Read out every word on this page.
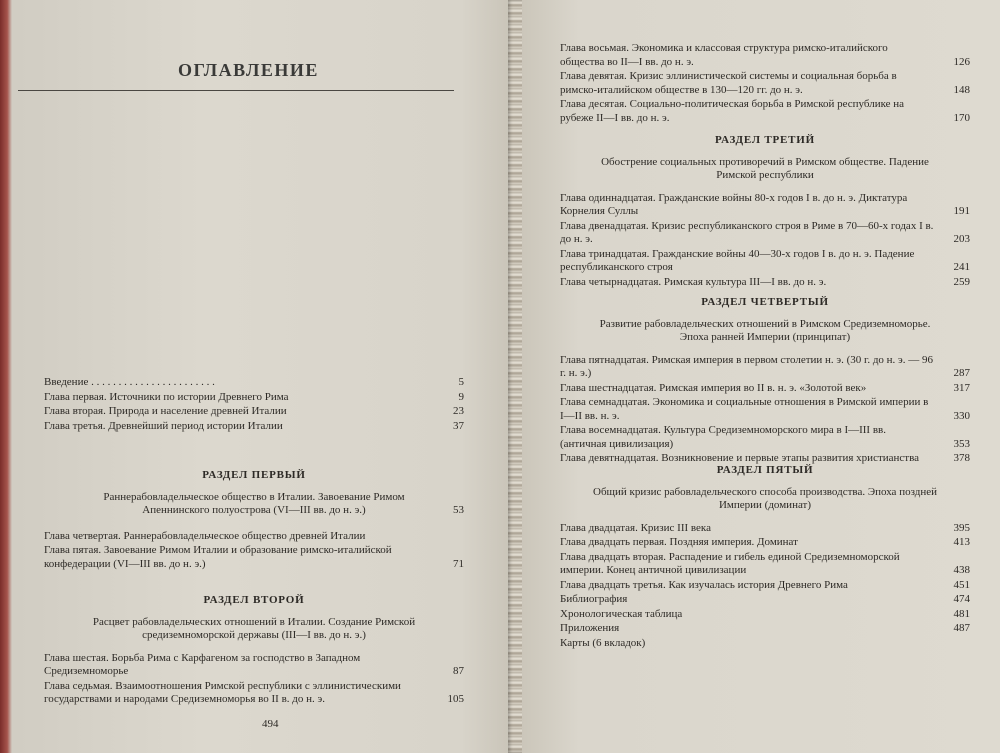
ОГЛАВЛЕНИЕ
Введение . . . . . . . . . . . . . . . . . . . . . . .	5
Глава первая. Источники по истории Древнего Рима	9
Глава вторая. Природа и население древней Италии	23
Глава третья. Древнейший период истории Италии	37
РАЗДЕЛ ПЕРВЫЙ
Раннерабовладельческое общество в Италии. Завоевание Римом Апеннинского полуострова (VI—III вв. до н. э.)	53
Глава четвертая. Раннерабовладельческое общество древней Италии
Глава пятая. Завоевание Римом Италии и образование римско-италийской конфедерации (VI—III вв. до н. э.)	71
РАЗДЕЛ ВТОРОЙ
Расцвет рабовладельческих отношений в Италии. Создание Римской средиземноморской державы (III—I вв. до н. э.)
Глава шестая. Борьба Рима с Карфагеном за господство в Западном Средиземноморье	87
Глава седьмая. Взаимоотношения Римской республики с эллинистическими государствами и народами Средиземноморья во II в. до н. э.	105
494
Глава восьмая. Экономика и классовая структура римско-италийского общества во II—I вв. до н. э.	126
Глава девятая. Кризис эллинистической системы и социальная борьба в римско-италийском обществе в 130—120 гг. до н. э.	148
Глава десятая. Социально-политическая борьба в Римской республике на рубеже II—I вв. до н. э.	170
РАЗДЕЛ ТРЕТИЙ
Обострение социальных противоречий в Римском обществе. Падение Римской республики
Глава одиннадцатая. Гражданские войны 80-х годов I в. до н. э. Диктатура Корнелия Суллы	191
Глава двенадцатая. Кризис республиканского строя в Риме в 70—60-х годах I в. до н. э.	203
Глава тринадцатая. Гражданские войны 40—30-х годов I в. до н. э. Падение республиканского строя	241
Глава четырнадцатая. Римская культура III—I вв. до н. э.	259
РАЗДЕЛ ЧЕТВЕРТЫЙ
Развитие рабовладельческих отношений в Римском Средиземноморье. Эпоха ранней Империи (принципат)
Глава пятнадцатая. Римская империя в первом столетии н. э. (30 г. до н. э. — 96 г. н. э.)	287
Глава шестнадцатая. Римская империя во II в. н. э. «Золотой век»	317
Глава семнадцатая. Экономика и социальные отношения в Римской империи в I—II вв. н. э.	330
Глава восемнадцатая. Культура Средиземноморского мира в I—III вв. (античная цивилизация)	353
Глава девятнадцатая. Возникновение и первые этапы развития христианства	378
РАЗДЕЛ ПЯТЫЙ
Общий кризис рабовладельческого способа производства. Эпоха поздней Империи (доминат)
Глава двадцатая. Кризис III века	395
Глава двадцать первая. Поздняя империя. Доминат	413
Глава двадцать вторая. Распадение и гибель единой Средиземноморской империи. Конец античной цивилизации	438
Глава двадцать третья. Как изучалась история Древнего Рима	451
Библиография	474
Хронологическая таблица	481
Приложения	487
Карты (6 вкладок)
